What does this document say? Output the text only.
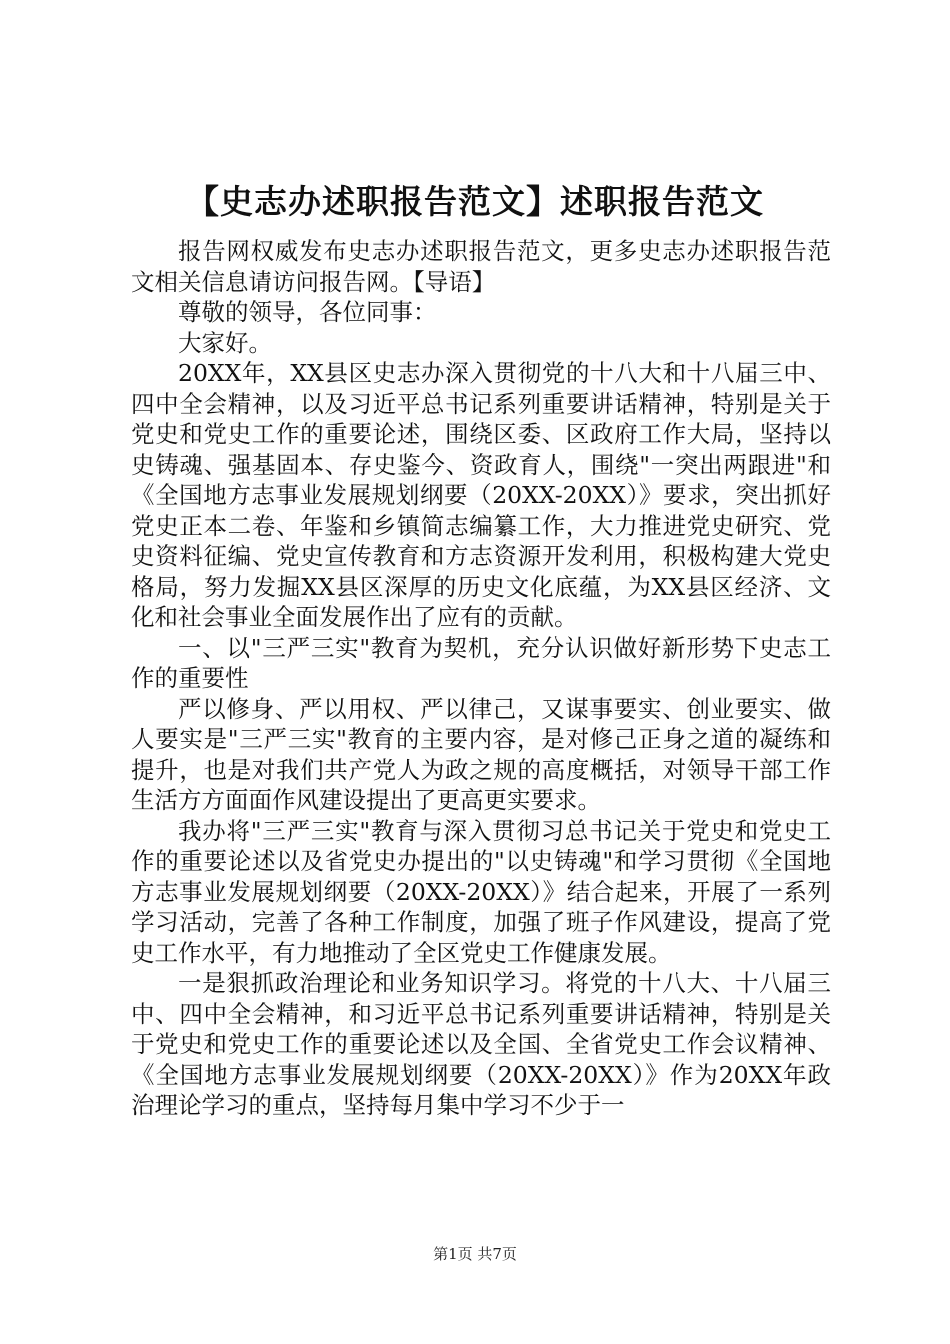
【史志办述职报告范文】述职报告范文

报告网权威发布史志办述职报告范文，更多史志办述职报告范文相关信息请访问报告网。【导语】

尊敬的领导，各位同事：

大家好。

20XX年，XX县区史志办深入贯彻党的十八大和十八届三中、四中全会精神，以及习近平总书记系列重要讲话精神，特别是关于党史和党史工作的重要论述，围绕区委、区政府工作大局，坚持以史铸魂、强基固本、存史鉴今、资政育人，围绕"一突出两跟进"和《全国地方志事业发展规划纲要（20XX-20XX）》要求，突出抓好党史正本二卷、年鉴和乡镇简志编纂工作，大力推进党史研究、党史资料征编、党史宣传教育和方志资源开发利用，积极构建大党史格局，努力发掘XX县区深厚的历史文化底蕴，为XX县区经济、文化和社会事业全面发展作出了应有的贡献。

一、以"三严三实"教育为契机，充分认识做好新形势下史志工作的重要性

严以修身、严以用权、严以律己，又谋事要实、创业要实、做人要实是"三严三实"教育的主要内容，是对修己正身之道的凝练和提升，也是对我们共产党人为政之规的高度概括，对领导干部工作生活方方面面作风建设提出了更高更实要求。

我办将"三严三实"教育与深入贯彻习总书记关于党史和党史工作的重要论述以及省党史办提出的"以史铸魂"和学习贯彻《全国地方志事业发展规划纲要（20XX-20XX）》结合起来，开展了一系列学习活动，完善了各种工作制度，加强了班子作风建设，提高了党史工作水平，有力地推动了全区党史工作健康发展。

一是狠抓政治理论和业务知识学习。将党的十八大、十八届三中、四中全会精神，和习近平总书记系列重要讲话精神，特别是关于党史和党史工作的重要论述以及全国、全省党史工作会议精神、《全国地方志事业发展规划纲要（20XX-20XX）》作为20XX年政治理论学习的重点，坚持每月集中学习不少于一

第1页 共7页
